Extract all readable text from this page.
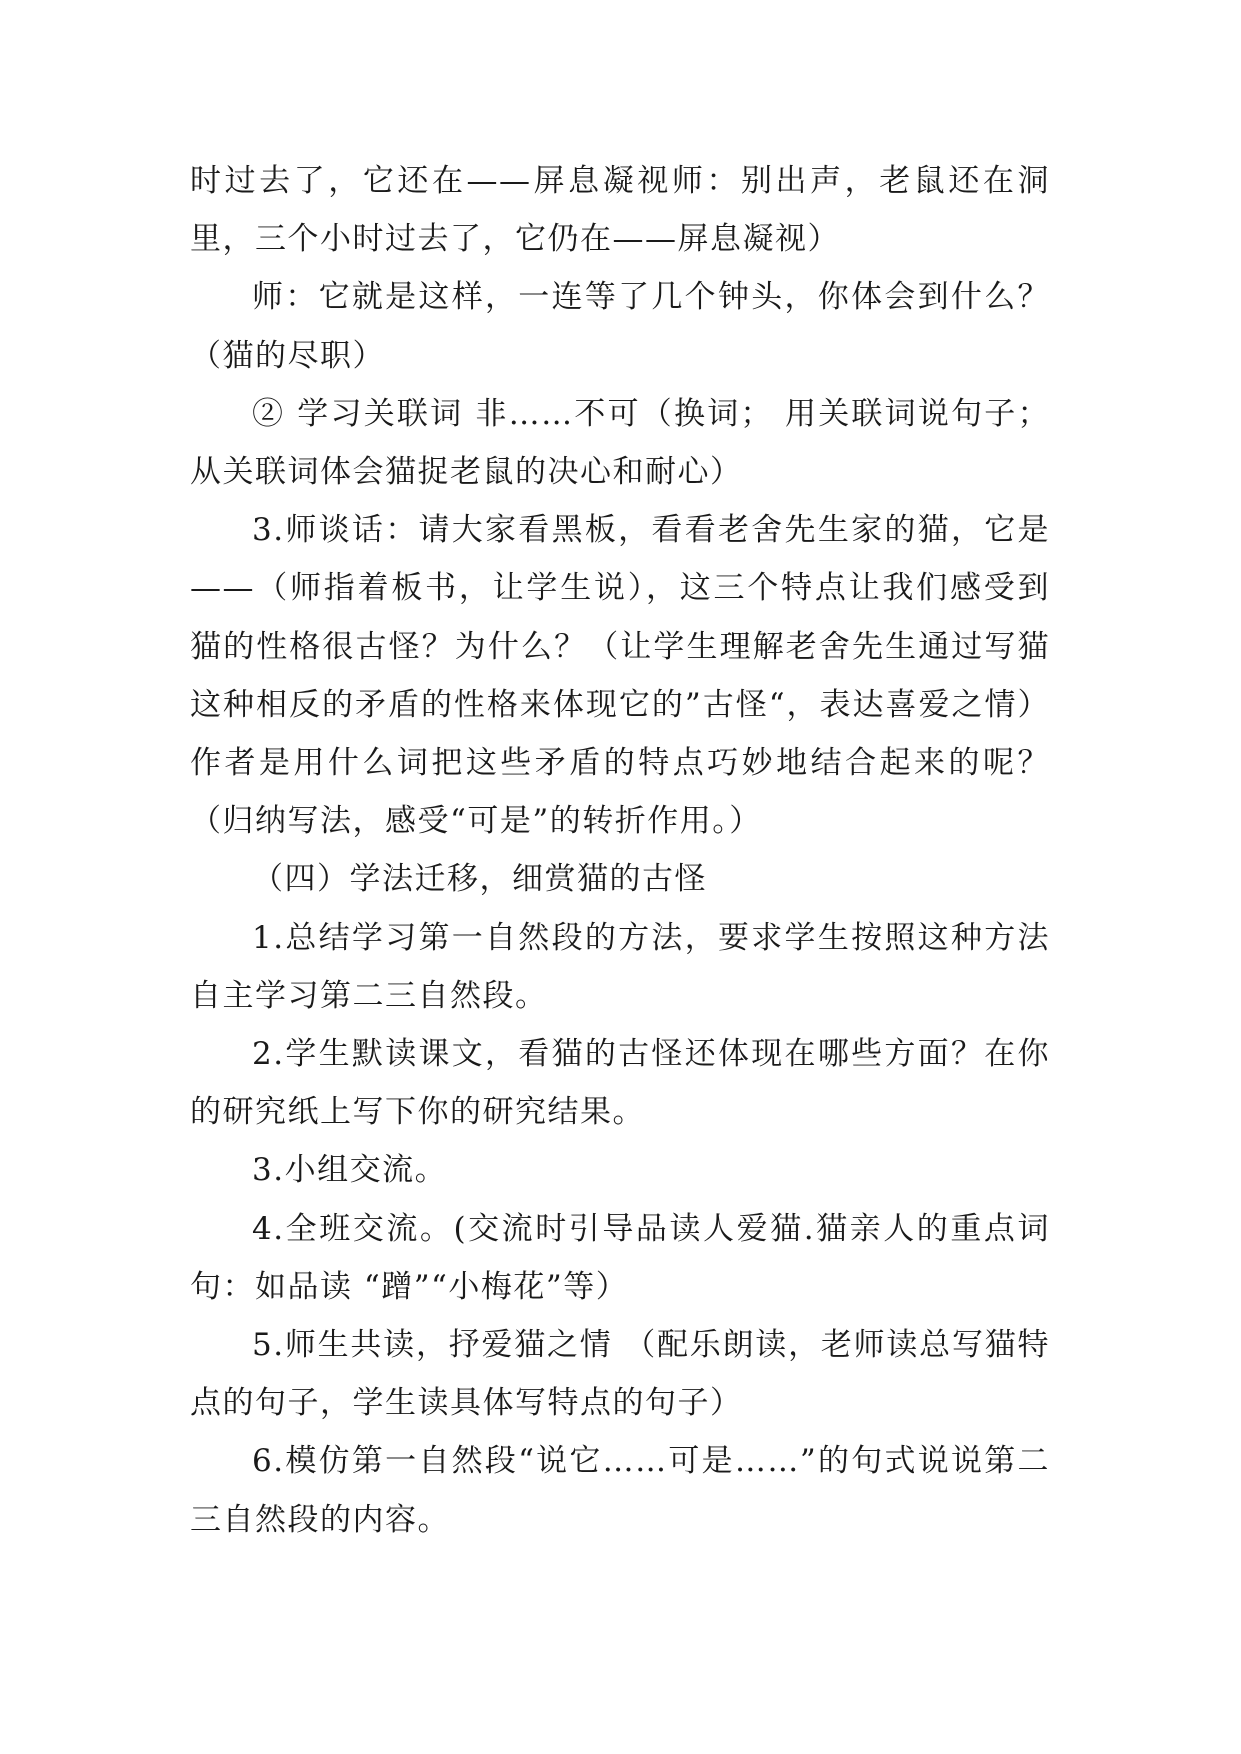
时过去了，它还在——屏息凝视师：别出声，老鼠还在洞里，三个小时过去了，它仍在——屏息凝视）

师：它就是这样，一连等了几个钟头，你体会到什么？（猫的尽职）

② 学习关联词 非……不可（换词； 用关联词说句子；从关联词体会猫捉老鼠的决心和耐心）

3.师谈话：请大家看黑板，看看老舍先生家的猫，它是——（师指着板书，让学生说），这三个特点让我们感受到猫的性格很古怪？为什么？（让学生理解老舍先生通过写猫这种相反的矛盾的性格来体现它的”古怪“，表达喜爱之情）作者是用什么词把这些矛盾的特点巧妙地结合起来的呢？（归纳写法，感受“可是”的转折作用。）

（四）学法迁移，细赏猫的古怪

1.总结学习第一自然段的方法，要求学生按照这种方法自主学习第二三自然段。

2.学生默读课文，看猫的古怪还体现在哪些方面？在你的研究纸上写下你的研究结果。

3.小组交流。

4.全班交流。(交流时引导品读人爱猫.猫亲人的重点词句：如品读 “蹭”“小梅花”等）

5.师生共读，抒爱猫之情 （配乐朗读，老师读总写猫特点的句子，学生读具体写特点的句子）

6.模仿第一自然段“说它……可是……”的句式说说第二三自然段的内容。
